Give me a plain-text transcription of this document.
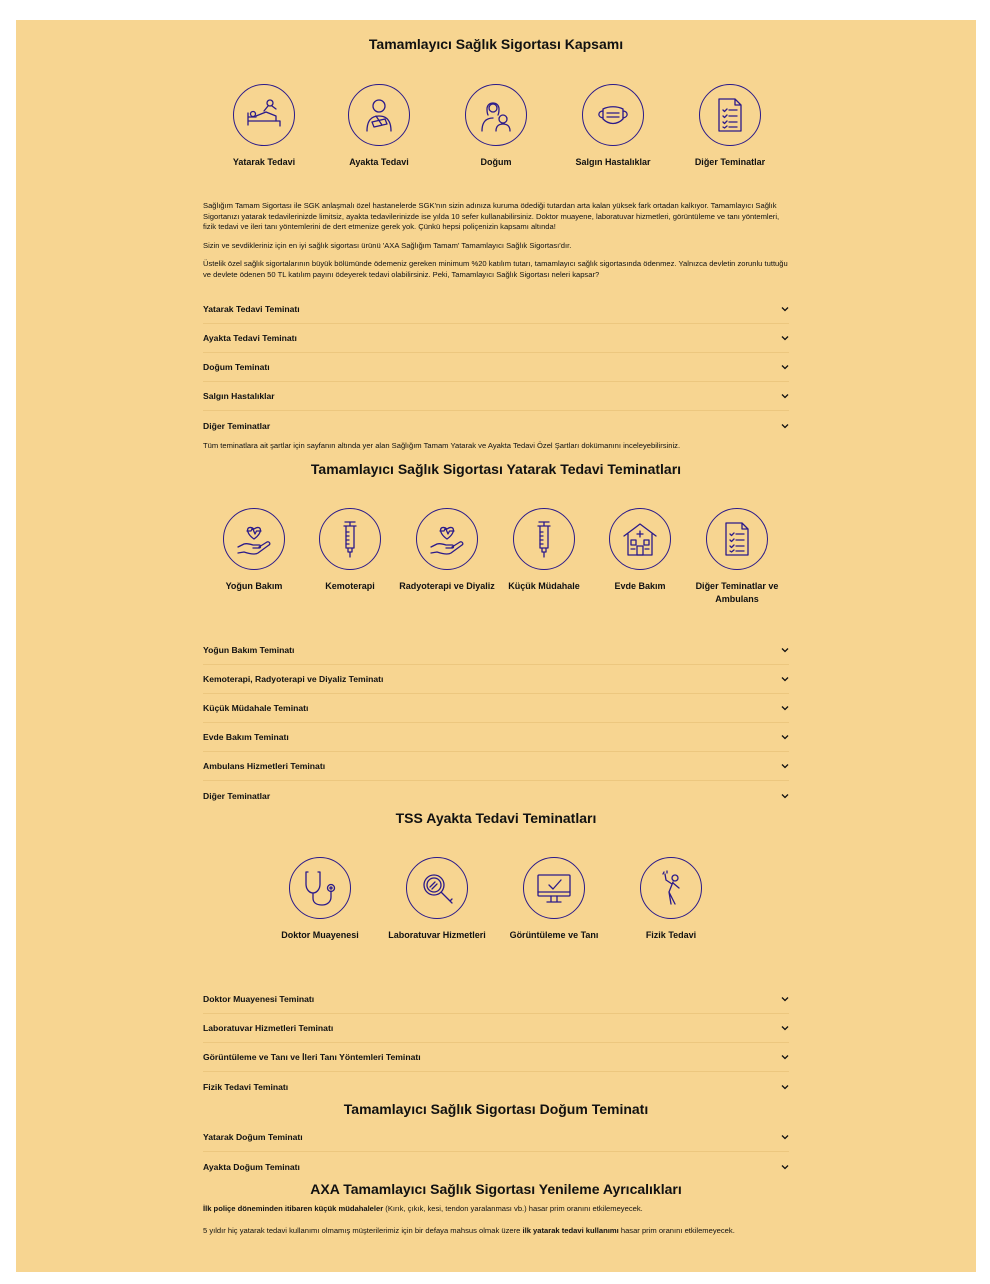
Tamamlayıcı Sağlık Sigortası Kapsamı
Yatarak Tedavi	Ayakta Tedavi	Doğum	Salgın Hastalıklar	Diğer Teminatlar

Sağlığım Tamam Sigortası ile SGK anlaşmalı özel hastanelerde SGK'nın sizin adınıza kuruma ödediği tutardan arta kalan yüksek fark ortadan kalkıyor. Tamamlayıcı Sağlık Sigortanızı yatarak tedavilerinizde limitsiz, ayakta tedavilerinizde ise yılda 10 sefer kullanabilirsiniz. Doktor muayene, laboratuvar hizmetleri, görüntüleme ve tanı yöntemleri, fizik tedavi ve ileri tanı yöntemlerini de dert etmenize gerek yok. Çünkü hepsi poliçenizin kapsamı altında!

Sizin ve sevdikleriniz için en iyi sağlık sigortası ürünü 'AXA Sağlığım Tamam' Tamamlayıcı Sağlık Sigortası'dır.

Üstelik özel sağlık sigortalarının büyük bölümünde ödemeniz gereken minimum %20 katılım tutarı, tamamlayıcı sağlık sigortasında ödenmez. Yalnızca devletin zorunlu tuttuğu ve devlete ödenen 50 TL katılım payını ödeyerek tedavi olabilirsiniz. Peki, Tamamlayıcı Sağlık Sigortası neleri kapsar?

Yatarak Tedavi Teminatı
Ayakta Tedavi Teminatı
Doğum Teminatı
Salgın Hastalıklar
Diğer Teminatlar
Tüm teminatlara ait şartlar için sayfanın altında yer alan Sağlığım Tamam Yatarak ve Ayakta Tedavi Özel Şartları dokümanını inceleyebilirsiniz.
Tamamlayıcı Sağlık Sigortası Yatarak Tedavi Teminatları
Yoğun Bakım	Kemoterapi	Radyoterapi ve Diyaliz	Küçük Müdahale	Evde Bakım	Diğer Teminatlar ve Ambulans
Yoğun Bakım Teminatı
Kemoterapi, Radyoterapi ve Diyaliz Teminatı
Küçük Müdahale Teminatı
Evde Bakım Teminatı
Ambulans Hizmetleri Teminatı
Diğer Teminatlar
TSS Ayakta Tedavi Teminatları
Doktor Muayenesi	Laboratuvar Hizmetleri	Görüntüleme ve Tanı	Fizik Tedavi
Doktor Muayenesi Teminatı
Laboratuvar Hizmetleri Teminatı
Görüntüleme ve Tanı ve İleri Tanı Yöntemleri Teminatı
Fizik Tedavi Teminatı
Tamamlayıcı Sağlık Sigortası Doğum Teminatı
Yatarak Doğum Teminatı
Ayakta Doğum Teminatı
AXA Tamamlayıcı Sağlık Sigortası Yenileme Ayrıcalıkları

İlk poliçe döneminden itibaren küçük müdahaleler (Kırık, çıkık, kesi, tendon yaralanması vb.) hasar prim oranını etkilemeyecek.

5 yıldır hiç yatarak tedavi kullanımı olmamış müşterilerimiz için bir defaya mahsus olmak üzere ilk yatarak tedavi kullanımı hasar prim oranını etkilemeyecek.
